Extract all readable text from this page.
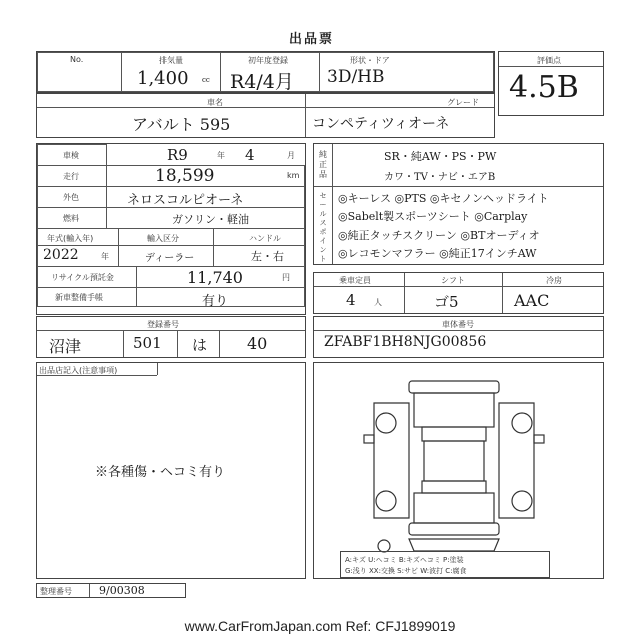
出品票
No.	排気量
1,400 cc
初年度登録
R4/4月
形状・ドア
3D/HB
評価点
4.5B
車名	グレード
アバルト 595	コンペティツィオーネ
車検	R9	年 4	月
走行	18,599	km
外色	ネロスコルピオーネ
燃料	ガソリン・軽油
年式(輸入年)	輸入区分	ハンドル
2022	年	ディーラー	左・右
リサイクル預託金	11,740	円
新車整備手帳	有り
登録番号
沼津	501 は 40
純正品
セールスポイント
SR・純AW・PS・PW
カワ・TV・ナビ・エアB
◎キーレス ◎PTS ◎キセノンヘッドライト
◎Sabelt製スポーツシート ◎Carplay
◎純正タッチスクリーン ◎BTオーディオ
◎レコモンマフラー ◎純正17インチAW
乗車定員	シフト	冷房
4 人	ゴ5	AAC
車体番号
ZFABF1BH8NJG00856
出品店記入(注意事項)
※各種傷・ヘコミ有り
A:キズ U:ヘコミ B:キズヘコミ P:塗装
G:浅り XX:交換 S:サビ W:波打 C:腐食
整理番号 9/00308
www.CarFromJapan.com Ref: CFJ1899019
